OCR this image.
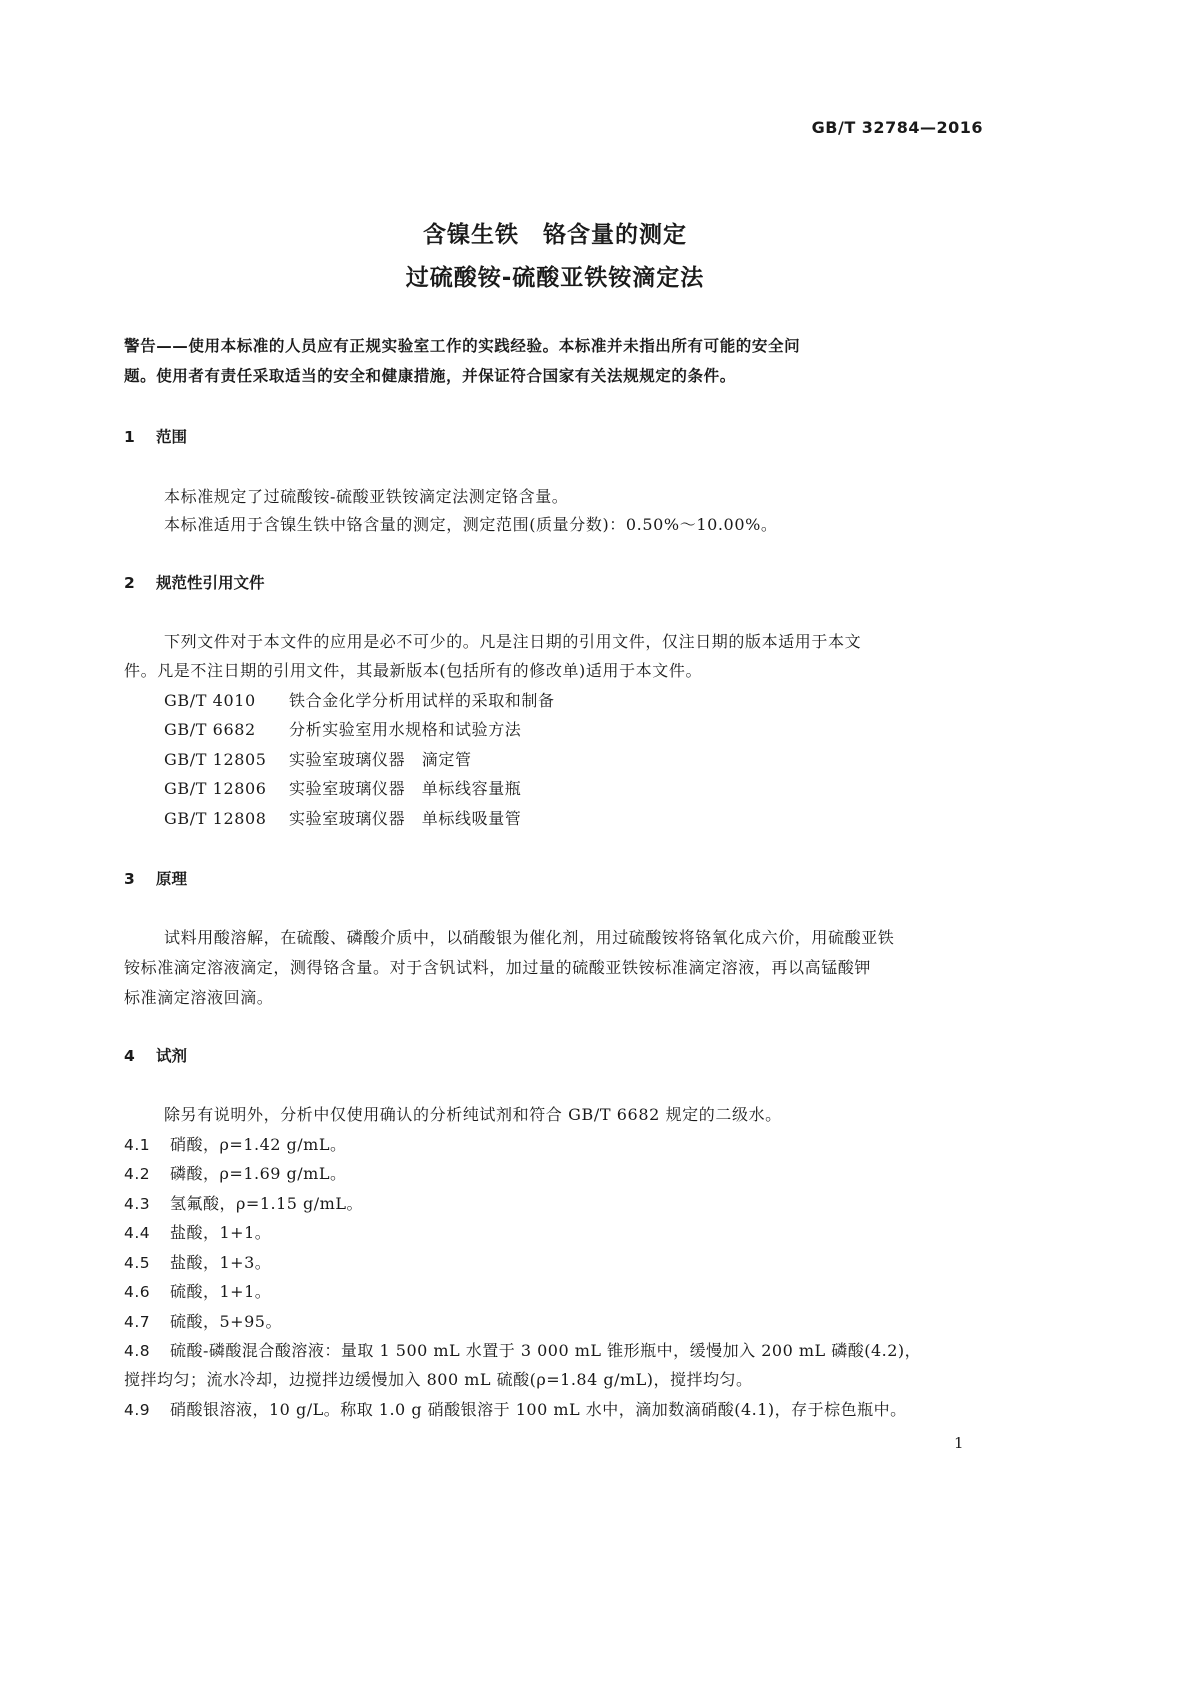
GB/T 32784—2016
含镍生铁　铬含量的测定
过硫酸铵-硫酸亚铁铵滴定法
警告——使用本标准的人员应有正规实验室工作的实践经验。本标准并未指出所有可能的安全问
题。使用者有责任采取适当的安全和健康措施，并保证符合国家有关法规规定的条件。
1 范围
本标准规定了过硫酸铵-硫酸亚铁铵滴定法测定铬含量。
本标准适用于含镍生铁中铬含量的测定，测定范围(质量分数)：0.50%～10.00%。
2 规范性引用文件
下列文件对于本文件的应用是必不可少的。凡是注日期的引用文件，仅注日期的版本适用于本文
件。凡是不注日期的引用文件，其最新版本(包括所有的修改单)适用于本文件。
GB/T 4010 铁合金化学分析用试样的采取和制备
GB/T 6682 分析实验室用水规格和试验方法
GB/T 12805 实验室玻璃仪器　滴定管
GB/T 12806 实验室玻璃仪器　单标线容量瓶
GB/T 12808 实验室玻璃仪器　单标线吸量管
3 原理
试料用酸溶解，在硫酸、磷酸介质中，以硝酸银为催化剂，用过硫酸铵将铬氧化成六价，用硫酸亚铁
铵标准滴定溶液滴定，测得铬含量。对于含钒试料，加过量的硫酸亚铁铵标准滴定溶液，再以高锰酸钾
标准滴定溶液回滴。
4 试剂
除另有说明外，分析中仅使用确认的分析纯试剂和符合 GB/T 6682 规定的二级水。
4.1 硝酸，ρ=1.42 g/mL。
4.2 磷酸，ρ=1.69 g/mL。
4.3 氢氟酸，ρ=1.15 g/mL。
4.4 盐酸，1+1。
4.5 盐酸，1+3。
4.6 硫酸，1+1。
4.7 硫酸，5+95。
4.8 硫酸-磷酸混合酸溶液：量取 1 500 mL 水置于 3 000 mL 锥形瓶中，缓慢加入 200 mL 磷酸(4.2)，
搅拌均匀；流水冷却，边搅拌边缓慢加入 800 mL 硫酸(ρ=1.84 g/mL)，搅拌均匀。
4.9 硝酸银溶液，10 g/L。称取 1.0 g 硝酸银溶于 100 mL 水中，滴加数滴硝酸(4.1)，存于棕色瓶中。
1
